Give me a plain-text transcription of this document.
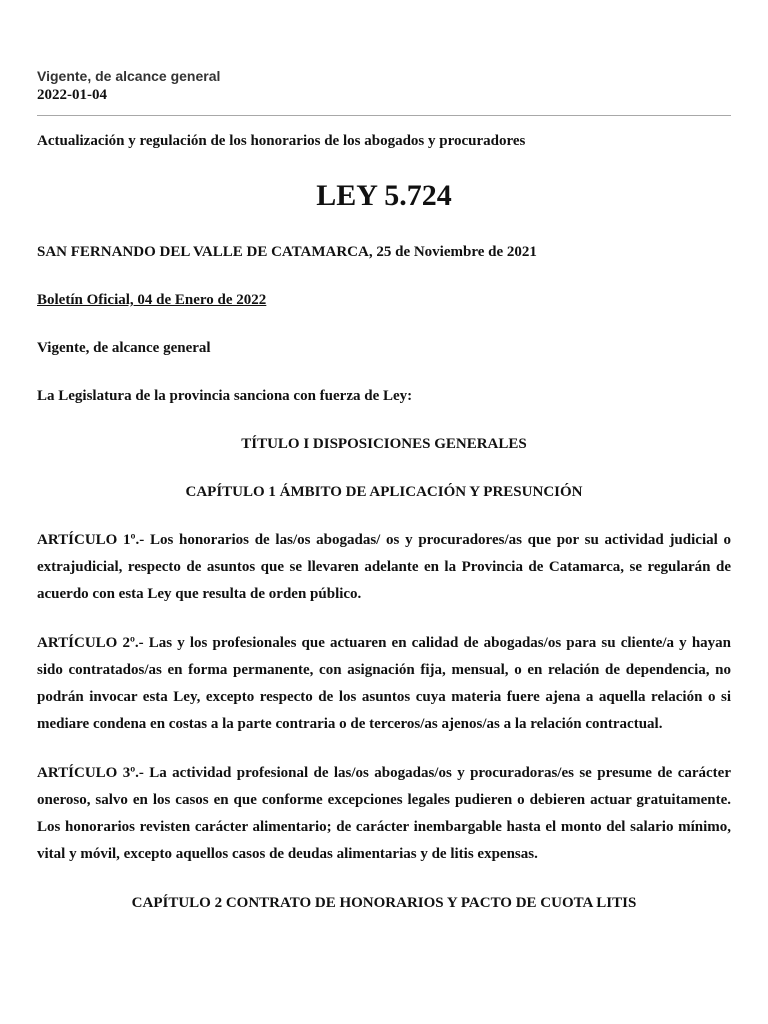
Vigente, de alcance general
2022-01-04

Actualización y regulación de los honorarios de los abogados y procuradores

LEY 5.724

SAN FERNANDO DEL VALLE DE CATAMARCA, 25 de Noviembre de 2021

Boletín Oficial, 04 de Enero de 2022

Vigente, de alcance general

La Legislatura de la provincia sanciona con fuerza de Ley:

TÍTULO I DISPOSICIONES GENERALES

CAPÍTULO 1 ÁMBITO DE APLICACIÓN Y PRESUNCIÓN

ARTÍCULO 1º.- Los honorarios de las/os abogadas/ os y procuradores/as que por su actividad judicial o extrajudicial, respecto de asuntos que se llevaren adelante en la Provincia de Catamarca, se regularán de acuerdo con esta Ley que resulta de orden público.

ARTÍCULO 2º.- Las y los profesionales que actuaren en calidad de abogadas/os para su cliente/a y hayan sido contratados/as en forma permanente, con asignación fija, mensual, o en relación de dependencia, no podrán invocar esta Ley, excepto respecto de los asuntos cuya materia fuere ajena a aquella relación o si mediare condena en costas a la parte contraria o de terceros/as ajenos/as a la relación contractual.

ARTÍCULO 3º.- La actividad profesional de las/os abogadas/os y procuradoras/es se presume de carácter oneroso, salvo en los casos en que conforme excepciones legales pudieren o debieren actuar gratuitamente. Los honorarios revisten carácter alimentario; de carácter inembargable hasta el monto del salario mínimo, vital y móvil, excepto aquellos casos de deudas alimentarias y de litis expensas.

CAPÍTULO 2 CONTRATO DE HONORARIOS Y PACTO DE CUOTA LITIS
